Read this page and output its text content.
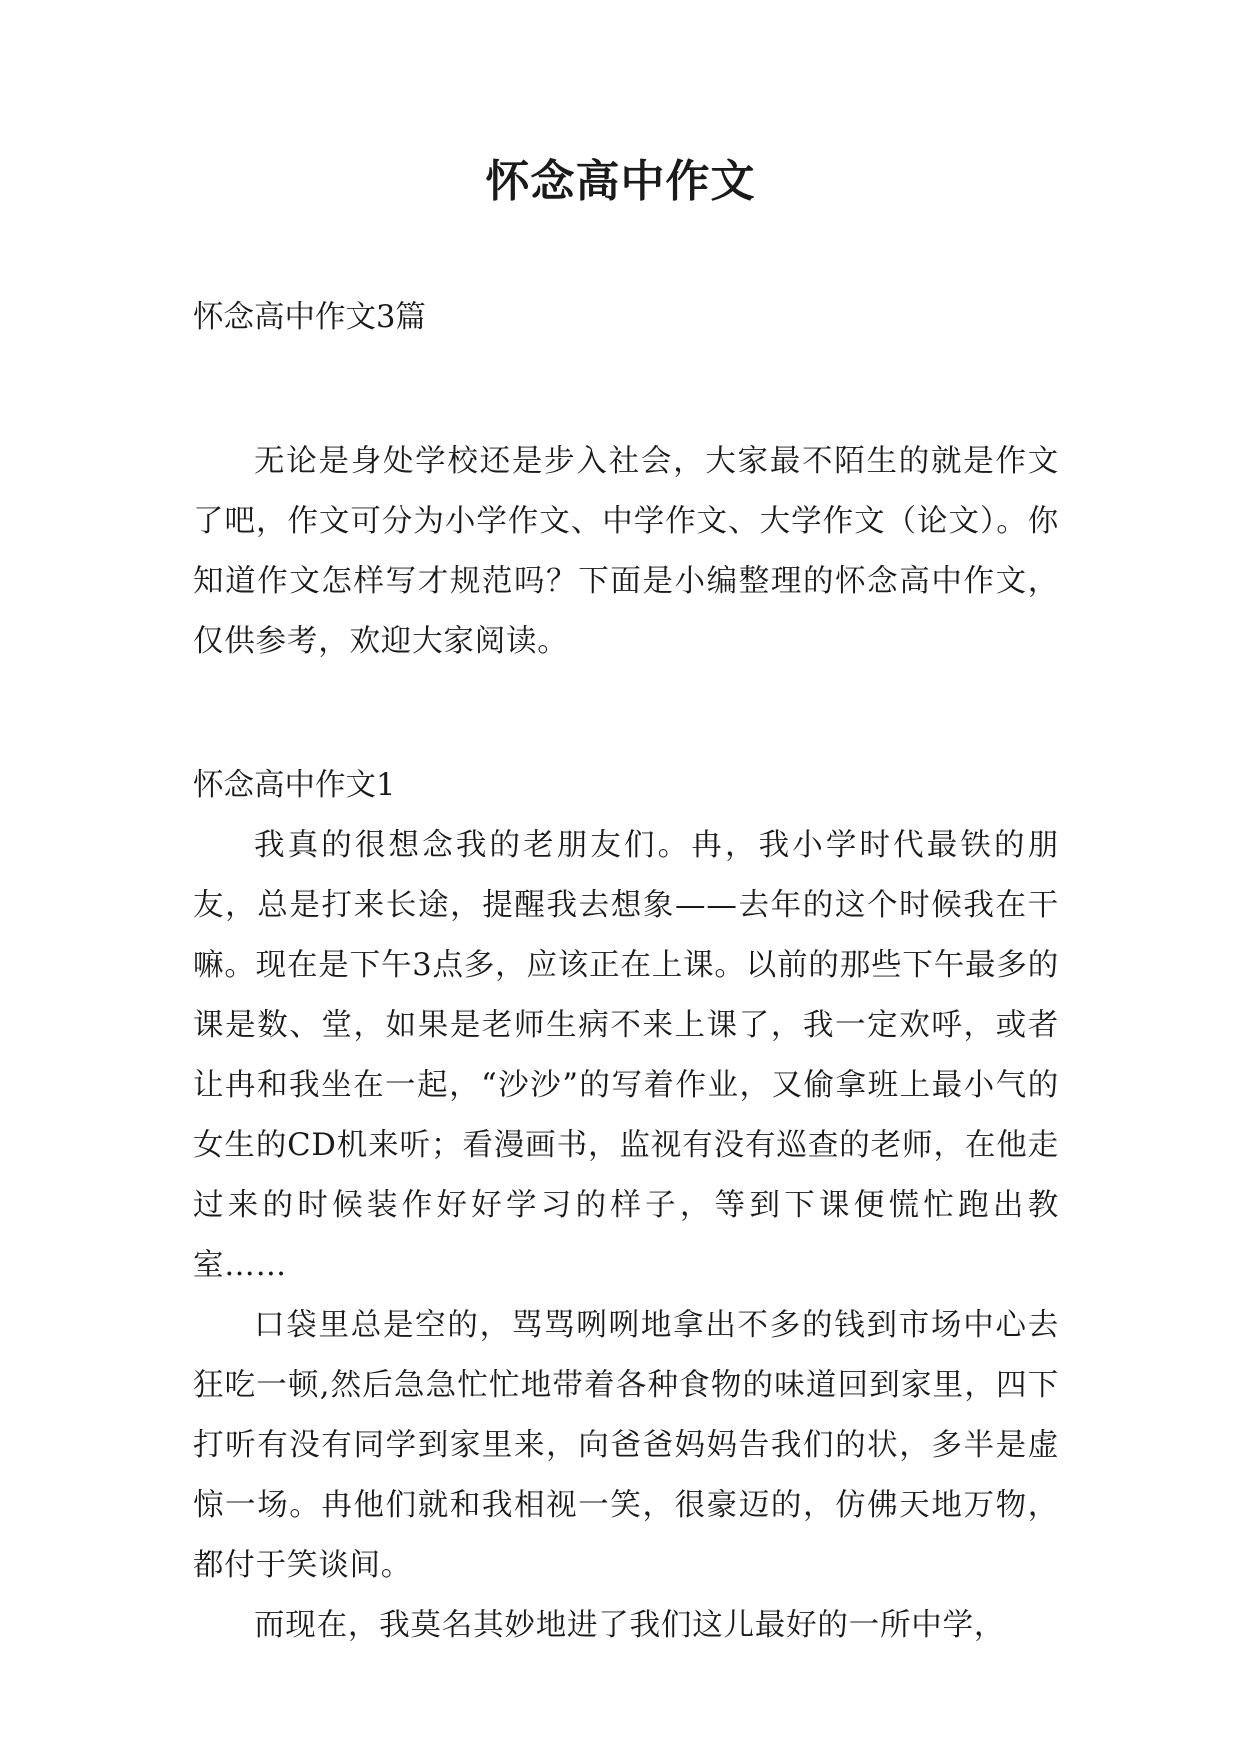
怀念高中作文

怀念高中作文3篇

无论是身处学校还是步入社会，大家最不陌生的就是作文了吧，作文可分为小学作文、中学作文、大学作文（论文）。你知道作文怎样写才规范吗？下面是小编整理的怀念高中作文，仅供参考，欢迎大家阅读。

怀念高中作文1

我真的很想念我的老朋友们。冉，我小学时代最铁的朋友，总是打来长途，提醒我去想象——去年的这个时候我在干嘛。现在是下午3点多，应该正在上课。以前的那些下午最多的课是数、堂，如果是老师生病不来上课了，我一定欢呼，或者让冉和我坐在一起，“沙沙”的写着作业，又偷拿班上最小气的女生的CD机来听；看漫画书，监视有没有巡查的老师，在他走过来的时候装作好好学习的样子，等到下课便慌忙跑出教室……

口袋里总是空的，骂骂咧咧地拿出不多的钱到市场中心去狂吃一顿,然后急急忙忙地带着各种食物的味道回到家里，四下打听有没有同学到家里来，向爸爸妈妈告我们的状，多半是虚惊一场。冉他们就和我相视一笑，很豪迈的，仿佛天地万物，都付于笑谈间。

而现在，我莫名其妙地进了我们这儿最好的一所中学，
